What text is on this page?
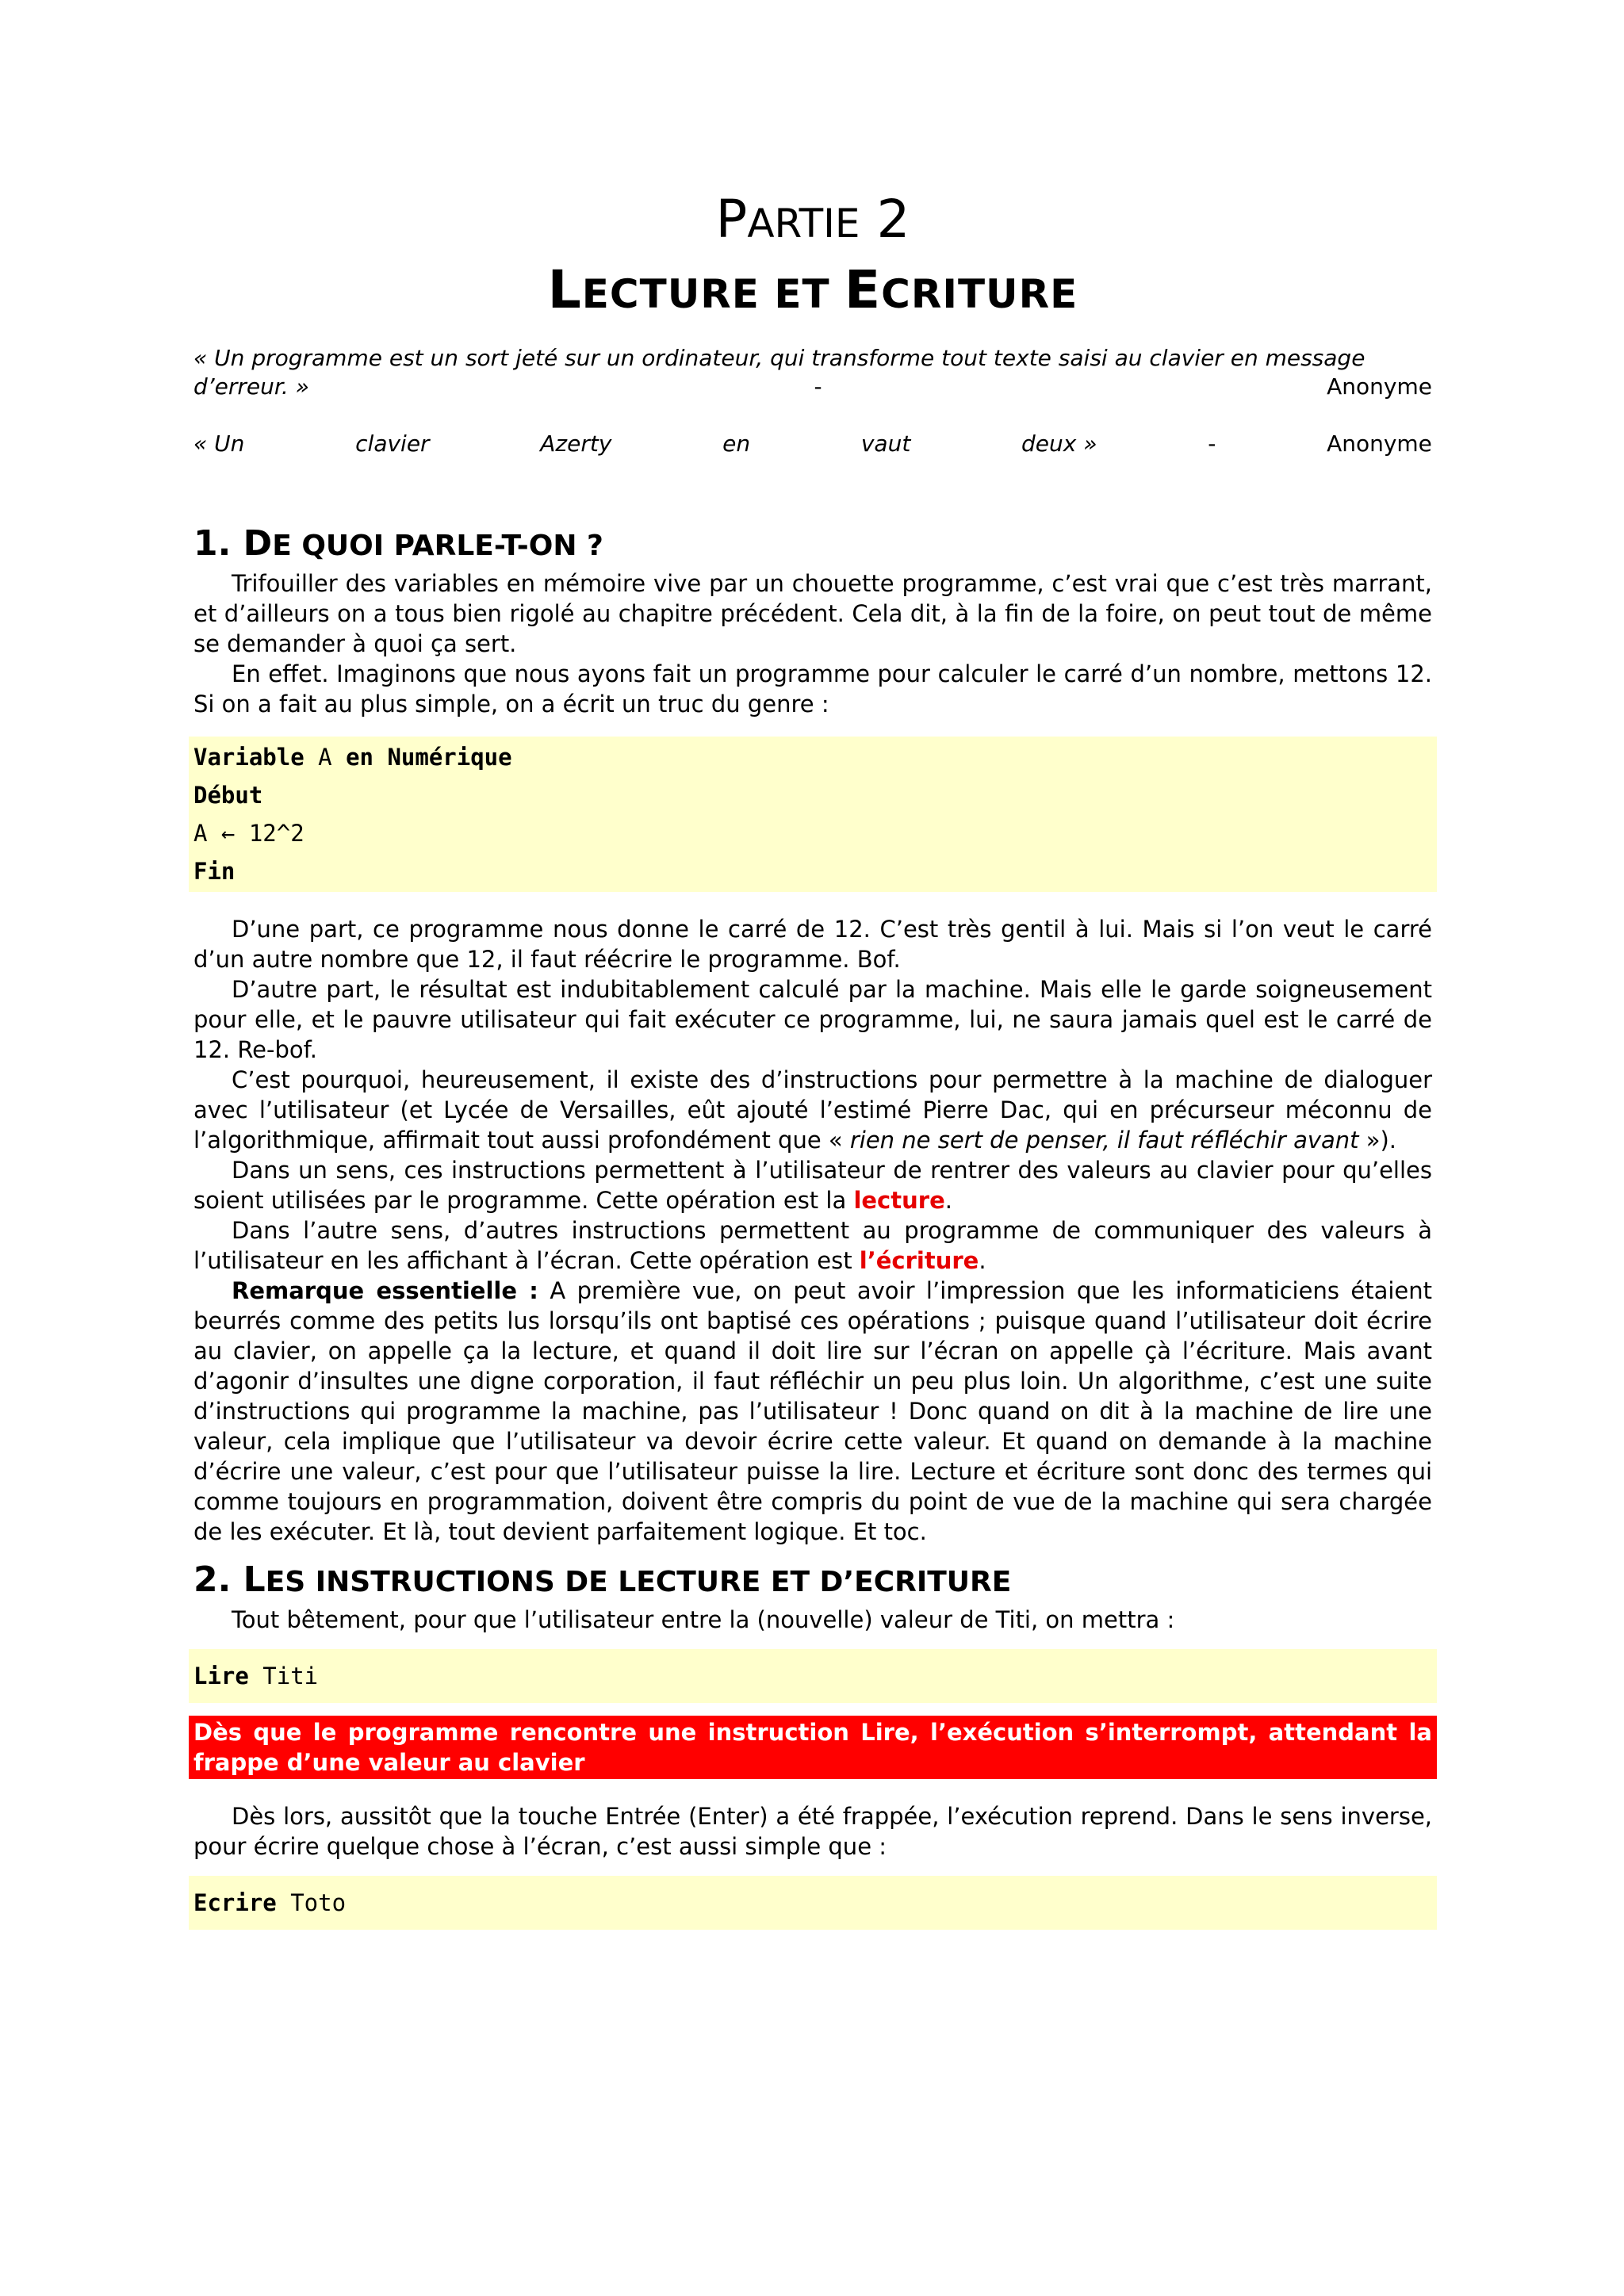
PARTIE 2
LECTURE ET ECRITURE
« Un programme est un sort jeté sur un ordinateur, qui transforme tout texte saisi au clavier en message
d’erreur. »	-	Anonyme
« Un	clavier	Azerty	en	vaut	deux »	-	Anonyme
1. DE QUOI PARLE-T-ON ?

Trifouiller des variables en mémoire vive par un chouette programme, c’est vrai que c’est très marrant, et d’ailleurs on a tous bien rigolé au chapitre précédent. Cela dit, à la fin de la foire, on peut tout de même se demander à quoi ça sert.

En effet. Imaginons que nous ayons fait un programme pour calculer le carré d’un nombre, mettons 12. Si on a fait au plus simple, on a écrit un truc du genre :

Variable A en Numérique
Début
A ← 12^2
Fin

D’une part, ce programme nous donne le carré de 12. C’est très gentil à lui. Mais si l’on veut le carré d’un autre nombre que 12, il faut réécrire le programme. Bof.

D’autre part, le résultat est indubitablement calculé par la machine. Mais elle le garde soigneusement pour elle, et le pauvre utilisateur qui fait exécuter ce programme, lui, ne saura jamais quel est le carré de 12. Re-bof.

C’est pourquoi, heureusement, il existe des d’instructions pour permettre à la machine de dialoguer avec l’utilisateur (et Lycée de Versailles, eût ajouté l’estimé Pierre Dac, qui en précurseur méconnu de l’algorithmique, affirmait tout aussi profondément que « rien ne sert de penser, il faut réfléchir avant »).

Dans un sens, ces instructions permettent à l’utilisateur de rentrer des valeurs au clavier pour qu’elles soient utilisées par le programme. Cette opération est la lecture.

Dans l’autre sens, d’autres instructions permettent au programme de communiquer des valeurs à l’utilisateur en les affichant à l’écran. Cette opération est l’écriture.

Remarque essentielle : A première vue, on peut avoir l’impression que les informaticiens étaient beurrés comme des petits lus lorsqu’ils ont baptisé ces opérations ; puisque quand l’utilisateur doit écrire au clavier, on appelle ça la lecture, et quand il doit lire sur l’écran on appelle çà l’écriture. Mais avant d’agonir d’insultes une digne corporation, il faut réfléchir un peu plus loin. Un algorithme, c’est une suite d’instructions qui programme la machine, pas l’utilisateur ! Donc quand on dit à la machine de lire une valeur, cela implique que l’utilisateur va devoir écrire cette valeur. Et quand on demande à la machine d’écrire une valeur, c’est pour que l’utilisateur puisse la lire. Lecture et écriture sont donc des termes qui comme toujours en programmation, doivent être compris du point de vue de la machine qui sera chargée de les exécuter. Et là, tout devient parfaitement logique. Et toc.

2. LES INSTRUCTIONS DE LECTURE ET D’ECRITURE

Tout bêtement, pour que l’utilisateur entre la (nouvelle) valeur de Titi, on mettra :

Lire Titi
Dès que le programme rencontre une instruction Lire, l’exécution s’interrompt, attendant la frappe d’une valeur au clavier

Dès lors, aussitôt que la touche Entrée (Enter) a été frappée, l’exécution reprend. Dans le sens inverse, pour écrire quelque chose à l’écran, c’est aussi simple que :

Ecrire Toto
